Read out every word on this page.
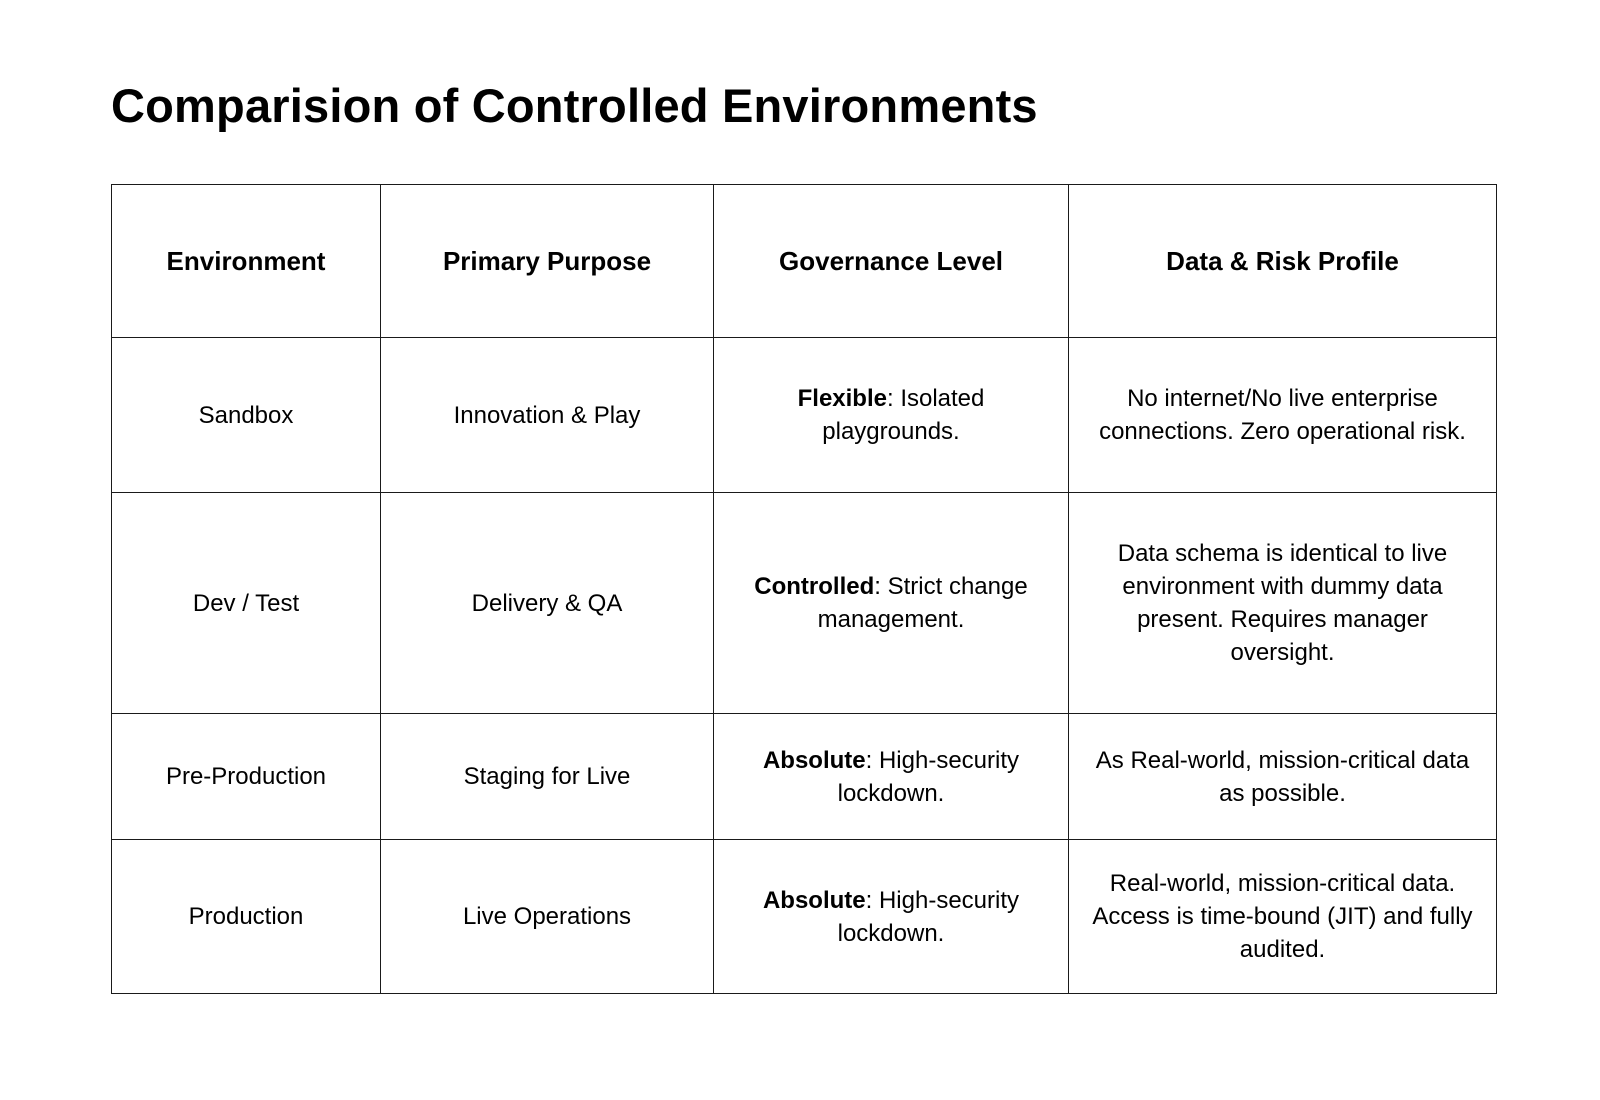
Comparision of Controlled Environments
Environment	Primary Purpose	Governance Level	Data & Risk Profile
Sandbox	Innovation & Play	Flexible: Isolated playgrounds.	No internet/No live enterprise connections. Zero operational risk.
Dev / Test	Delivery & QA	Controlled: Strict change management.	Data schema is identical to live environment with dummy data present. Requires manager oversight.
Pre-Production	Staging for Live	Absolute: High-security lockdown.	As Real-world, mission-critical data as possible.
Production	Live Operations	Absolute: High-security lockdown.	Real-world, mission-critical data. Access is time-bound (JIT) and fully audited.
